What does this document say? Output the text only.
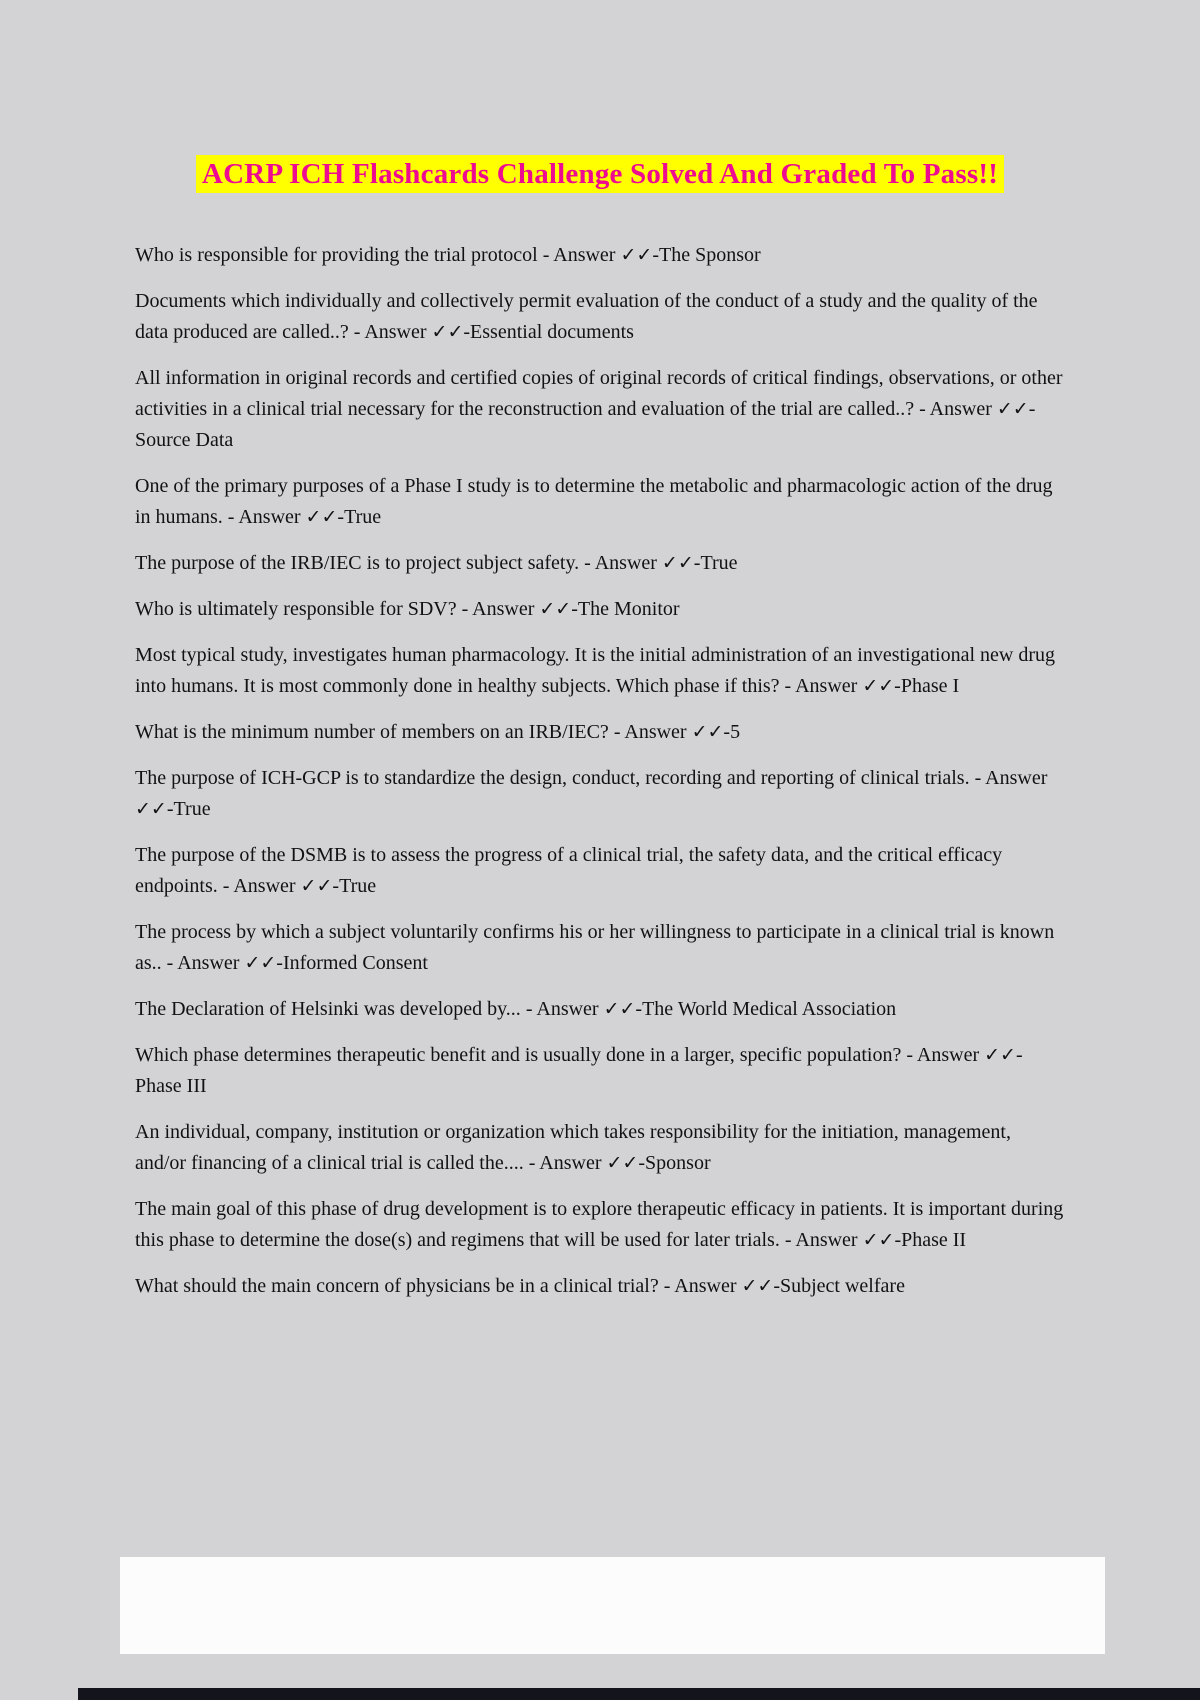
ACRP ICH Flashcards Challenge Solved And Graded To Pass!!

Who is responsible for providing the trial protocol - Answer ✓✓-The Sponsor

Documents which individually and collectively permit evaluation of the conduct of a study and the quality of the data produced are called..? - Answer ✓✓-Essential documents

All information in original records and certified copies of original records of critical findings, observations, or other activities in a clinical trial necessary for the reconstruction and evaluation of the trial are called..? - Answer ✓✓-Source Data

One of the primary purposes of a Phase I study is to determine the metabolic and pharmacologic action of the drug in humans. - Answer ✓✓-True

The purpose of the IRB/IEC is to project subject safety. - Answer ✓✓-True

Who is ultimately responsible for SDV? - Answer ✓✓-The Monitor

Most typical study, investigates human pharmacology. It is the initial administration of an investigational new drug into humans. It is most commonly done in healthy subjects. Which phase if this? - Answer ✓✓-Phase I

What is the minimum number of members on an IRB/IEC? - Answer ✓✓-5

The purpose of ICH-GCP is to standardize the design, conduct, recording and reporting of clinical trials. - Answer ✓✓-True

The purpose of the DSMB is to assess the progress of a clinical trial, the safety data, and the critical efficacy endpoints. - Answer ✓✓-True

The process by which a subject voluntarily confirms his or her willingness to participate in a clinical trial is known as.. - Answer ✓✓-Informed Consent

The Declaration of Helsinki was developed by... - Answer ✓✓-The World Medical Association

Which phase determines therapeutic benefit and is usually done in a larger, specific population? - Answer ✓✓-Phase III

An individual, company, institution or organization which takes responsibility for the initiation, management, and/or financing of a clinical trial is called the.... - Answer ✓✓-Sponsor

The main goal of this phase of drug development is to explore therapeutic efficacy in patients. It is important during this phase to determine the dose(s) and regimens that will be used for later trials. - Answer ✓✓-Phase II

What should the main concern of physicians be in a clinical trial? - Answer ✓✓-Subject welfare
